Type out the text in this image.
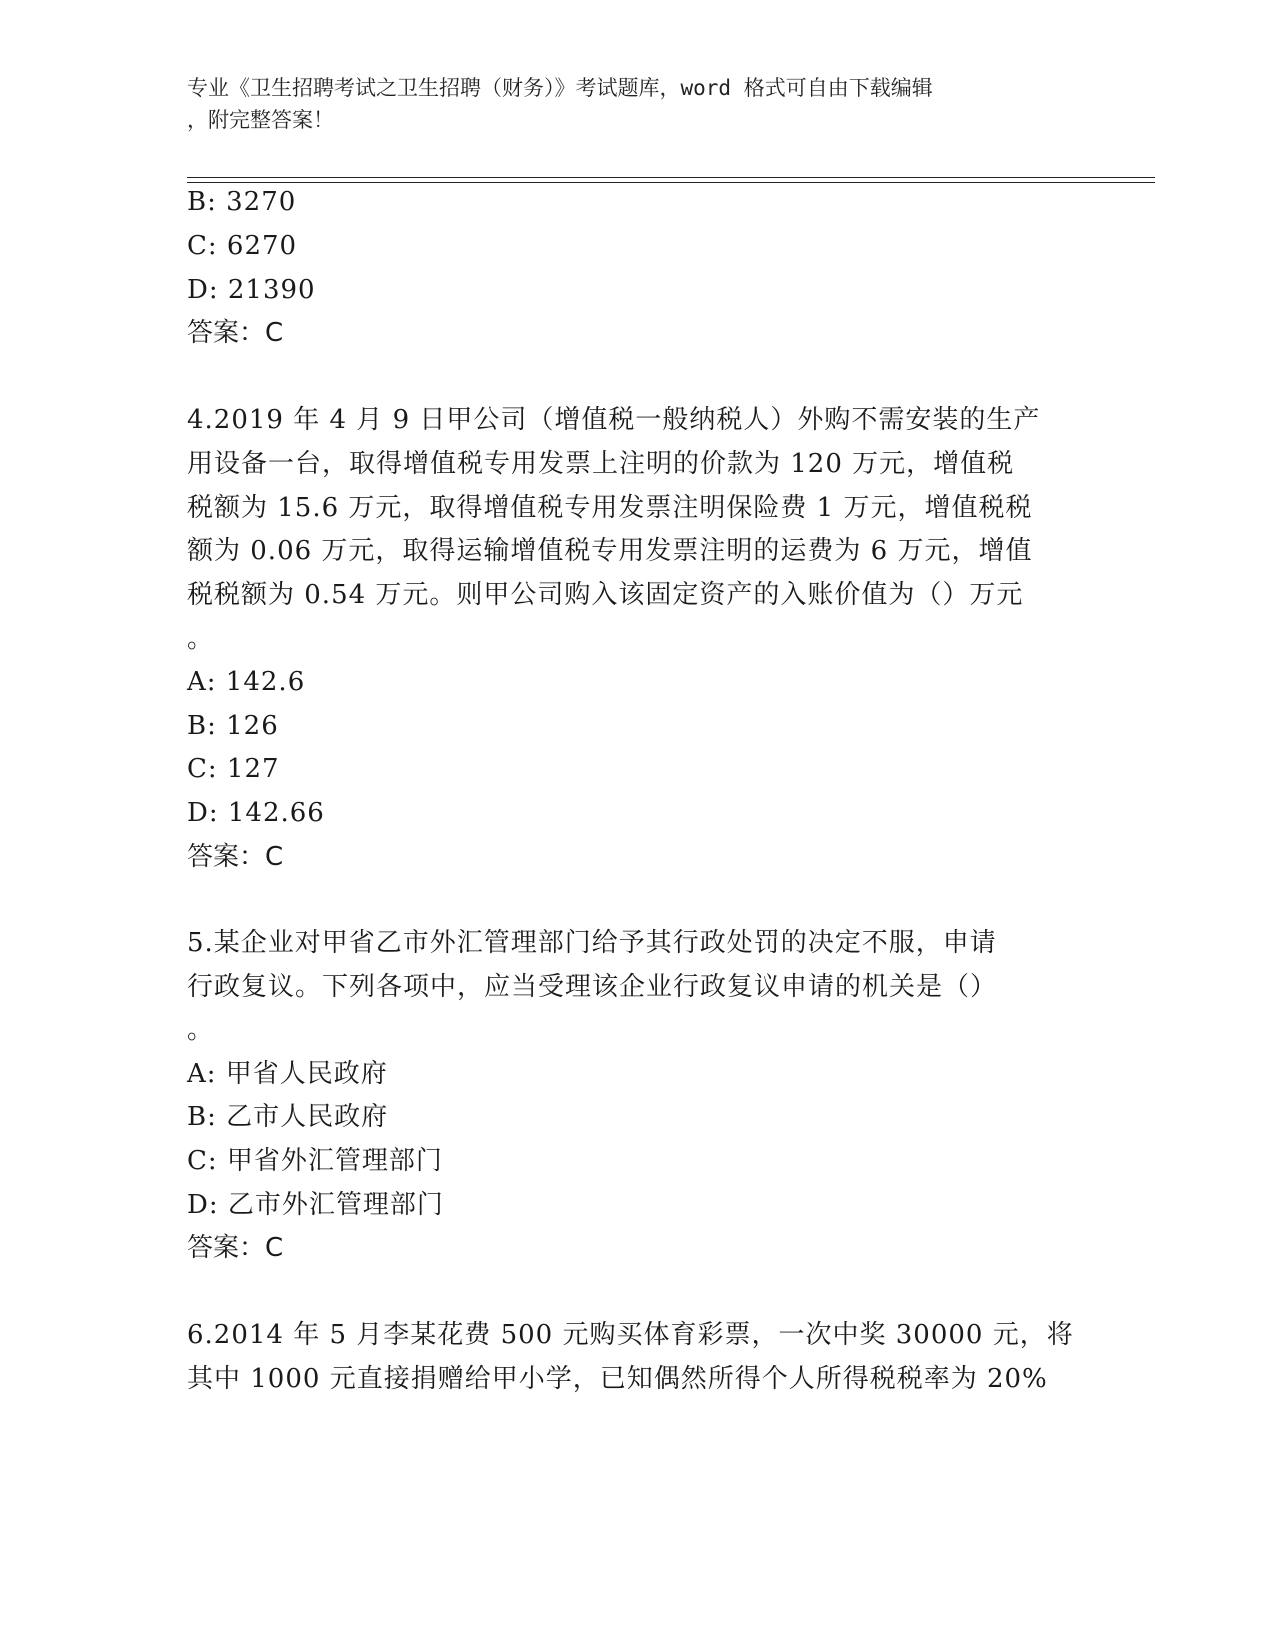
专业《卫生招聘考试之卫生招聘（财务）》考试题库，word 格式可自由下载编辑
，附完整答案！
B: 3270
C: 6270
D: 21390
答案：C
4.2019 年 4 月 9 日甲公司（增值税一般纳税人）外购不需安装的生产
用设备一台，取得增值税专用发票上注明的价款为 120 万元，增值税
税额为 15.6 万元，取得增值税专用发票注明保险费 1 万元，增值税税
额为 0.06 万元，取得运输增值税专用发票注明的运费为 6 万元，增值
税税额为 0.54 万元。则甲公司购入该固定资产的入账价值为（）万元
。
A: 142.6
B: 126
C: 127
D: 142.66
答案：C
5.某企业对甲省乙市外汇管理部门给予其行政处罚的决定不服，申请
行政复议。下列各项中，应当受理该企业行政复议申请的机关是（）
。
A: 甲省人民政府
B: 乙市人民政府
C: 甲省外汇管理部门
D: 乙市外汇管理部门
答案：C
6.2014 年 5 月李某花费 500 元购买体育彩票，一次中奖 30000 元，将
其中 1000 元直接捐赠给甲小学，已知偶然所得个人所得税税率为 20%
